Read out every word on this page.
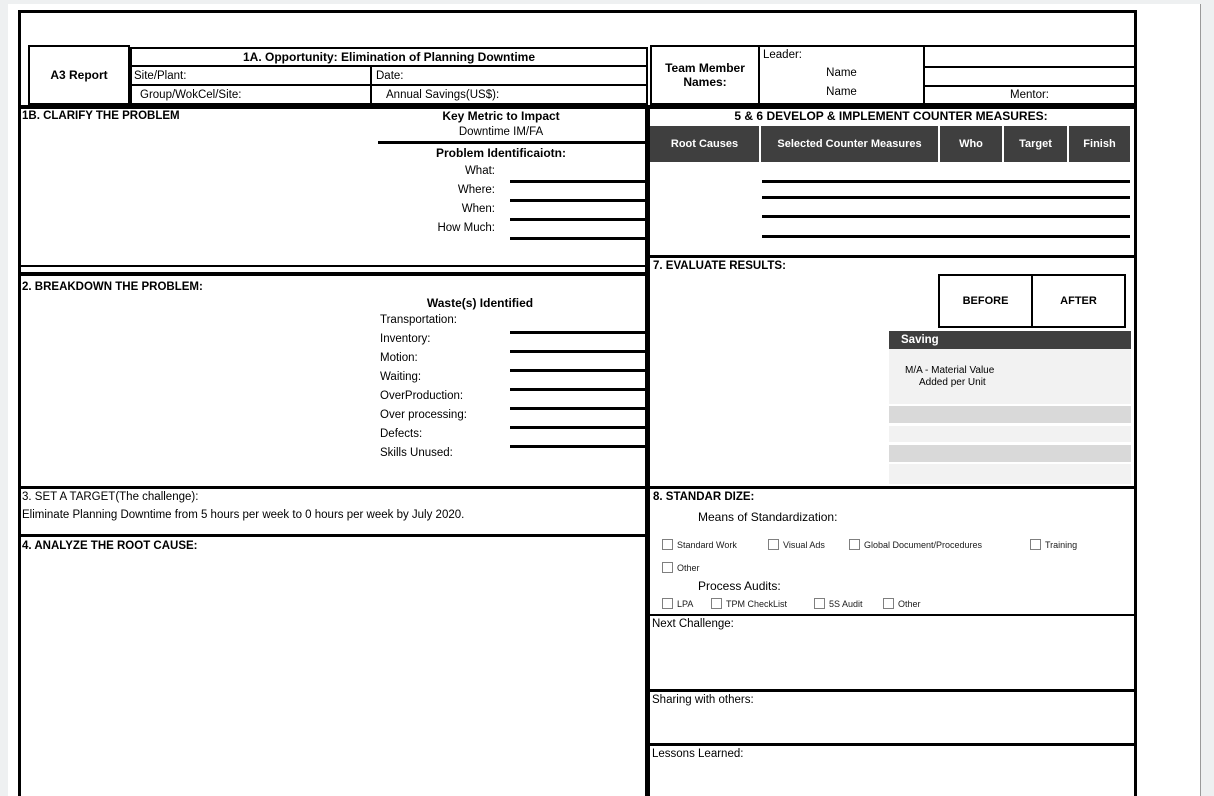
A3 Report
1A. Opportunity: Elimination of Planning Downtime
Site/Plant:	Date:
Group/WokCel/Site:	Annual Savings(US$):
Team Member Names:
Leader:
Name
Name	Mentor:
1B. CLARIFY THE PROBLEM	Key Metric to Impact
Downtime IM/FA
Problem Identificaiotn:
What:
Where:
When:
How Much:
2. BREAKDOWN THE PROBLEM:
Waste(s) Identified
Transportation:
Inventory:
Motion:
Waiting:
OverProduction:
Over processing:
Defects:
Skills Unused:
3. SET A TARGET(The challenge):
Eliminate Planning Downtime from 5 hours per week to 0 hours per week by July 2020.
4. ANALYZE THE ROOT CAUSE:
5 & 6 DEVELOP & IMPLEMENT COUNTER MEASURES:
Root Causes	Selected Counter Measures	Who	Target	Finish
7. EVALUATE RESULTS:
BEFORE	AFTER
Saving
M/A - Material Value
Added per Unit
8. STANDAR DIZE:
Means of Standardization:
Standard Work	Visual Ads	Global Document/Procedures	Training
Other
Process Audits:
LPA	TPM CheckList	5S Audit	Other
Next Challenge:
Sharing with others:
Lessons Learned:
